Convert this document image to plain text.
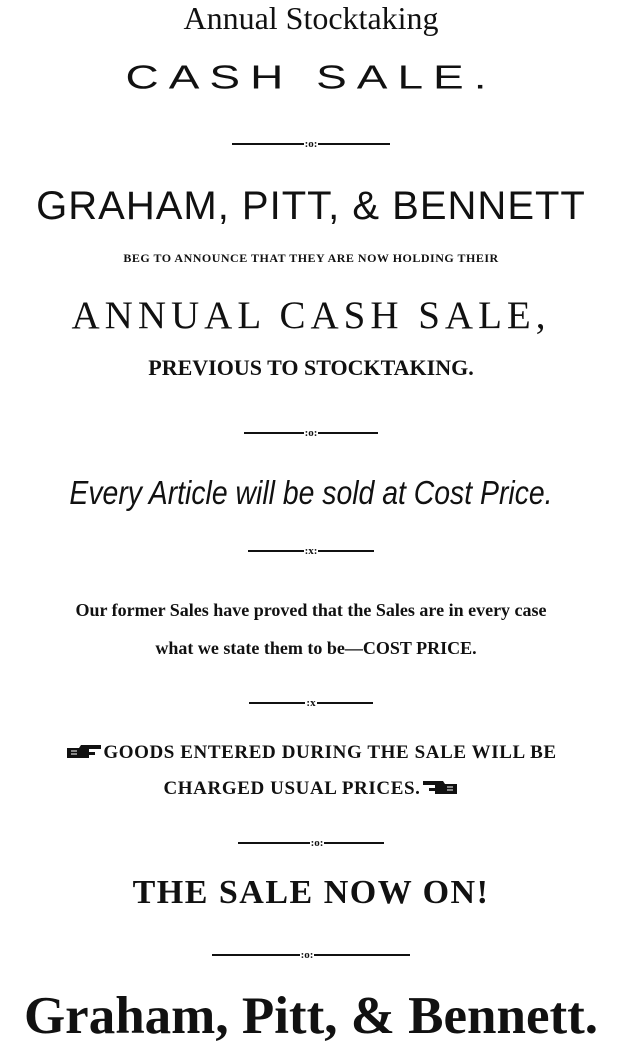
Annual Stocktaking
CASH SALE.
:o:
GRAHAM, PITT, & BENNETT
BEG TO ANNOUNCE THAT THEY ARE NOW HOLDING THEIR
ANNUAL CASH SALE,
PREVIOUS TO STOCKTAKING.
:o:
Every Article will be sold at Cost Price.
:x:
Our former Sales have proved that the Sales are in every case
what we state them to be—COST PRICE.
:x
GOODS ENTERED DURING THE SALE WILL BE
CHARGED USUAL PRICES.
:o:
THE SALE NOW ON!
:o:
Graham, Pitt, & Bennett.
